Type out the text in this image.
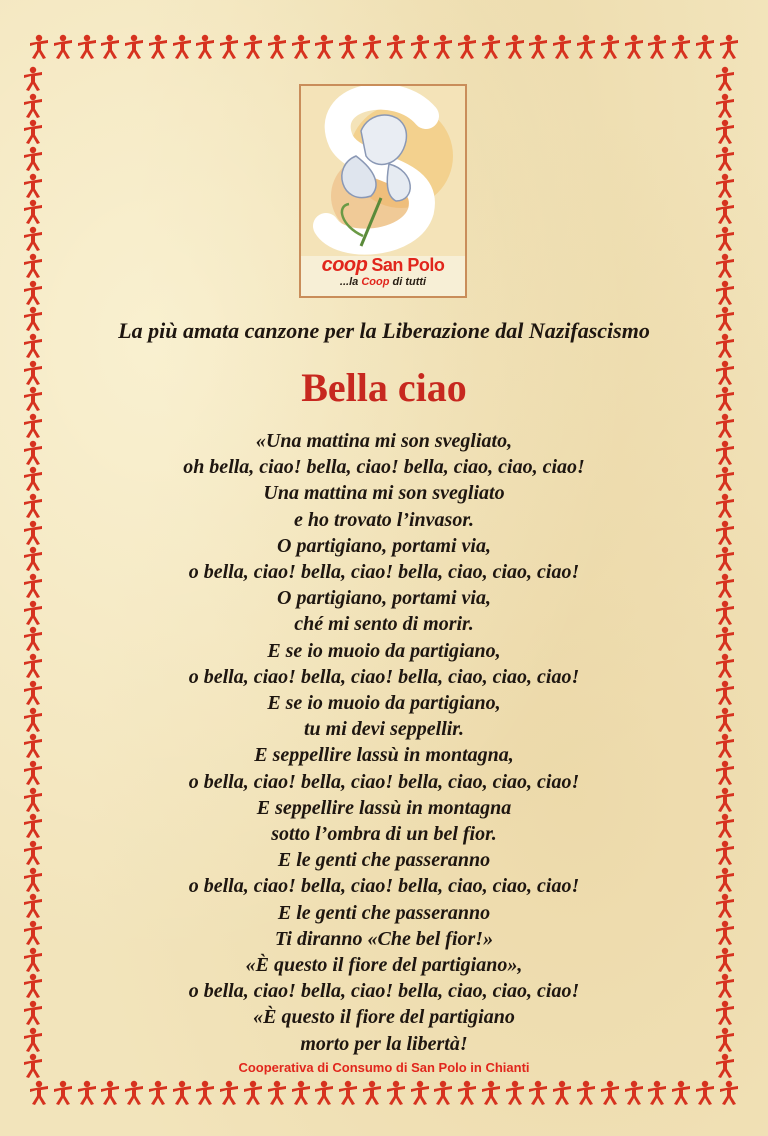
coop San Polo
...la Coop di tutti
La più amata canzone per la Liberazione dal Nazifascismo
Bella ciao
«Una mattina mi son svegliato,
oh bella, ciao! bella, ciao! bella, ciao, ciao, ciao!
Una mattina mi son svegliato
e ho trovato l’invasor.
O partigiano, portami via,
o bella, ciao! bella, ciao! bella, ciao, ciao, ciao!
O partigiano, portami via,
ché mi sento di morir.
E se io muoio da partigiano,
o bella, ciao! bella, ciao! bella, ciao, ciao, ciao!
E se io muoio da partigiano,
tu mi devi seppellir.
E seppellire lassù in montagna,
o bella, ciao! bella, ciao! bella, ciao, ciao, ciao!
E seppellire lassù in montagna
sotto l’ombra di un bel fior.
E le genti che passeranno
o bella, ciao! bella, ciao! bella, ciao, ciao, ciao!
E le genti che passeranno
Ti diranno «Che bel fior!»
«È questo il fiore del partigiano»,
o bella, ciao! bella, ciao! bella, ciao, ciao, ciao!
«È questo il fiore del partigiano
morto per la libertà!
Cooperativa di Consumo di San Polo in Chianti
